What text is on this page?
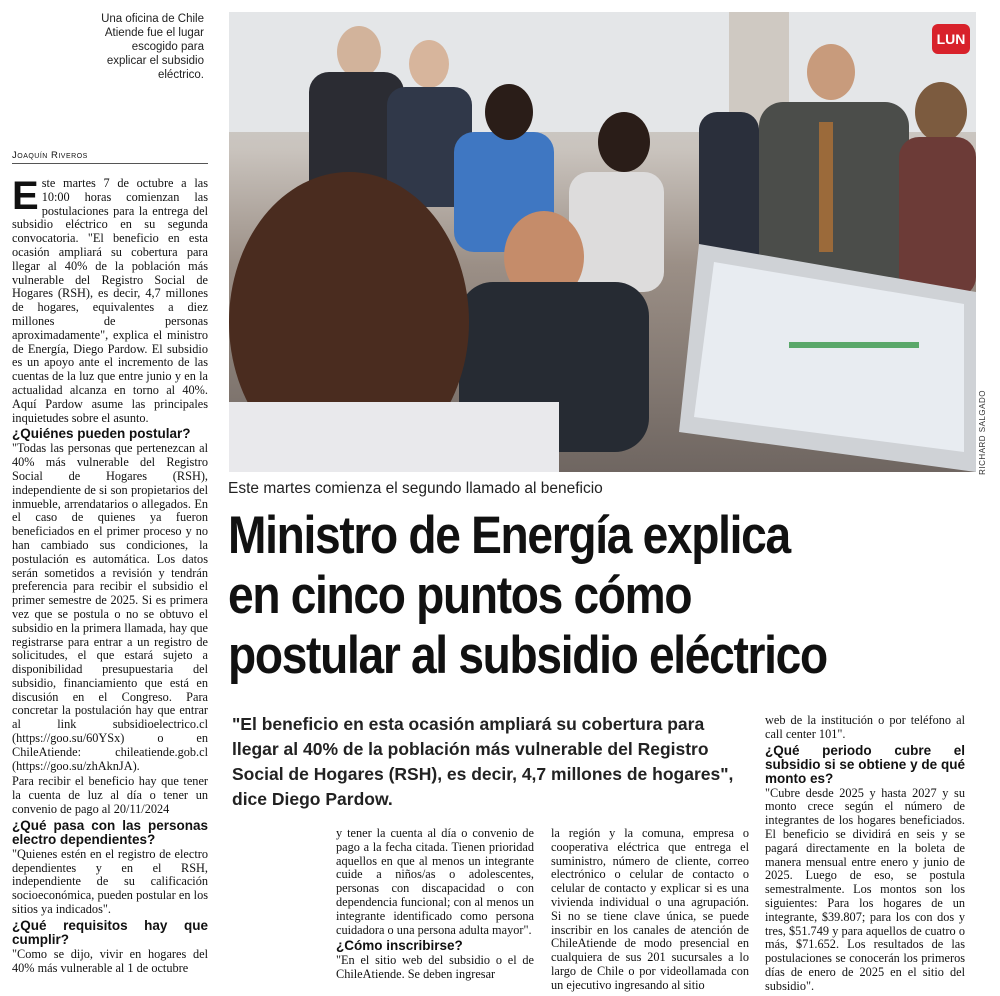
Una oficina de Chile Atiende fue el lugar escogido para explicar el subsidio eléctrico.
Joaquín Riveros

Este martes 7 de octubre a las 10:00 horas comienzan las postulaciones para la entrega del subsidio eléctrico en su segunda convocatoria. "El beneficio en esta ocasión ampliará su cobertura para llegar al 40% de la población más vulnerable del Registro Social de Hogares (RSH), es decir, 4,7 millones de hogares, equivalentes a diez millones de personas aproximadamente", explica el ministro de Energía, Diego Pardow. El subsidio es un apoyo ante el incremento de las cuentas de la luz que entre junio y en la actualidad alcanza en torno al 40%. Aquí Pardow asume las principales inquietudes sobre el asunto.

¿Quiénes pueden postular?

"Todas las personas que pertenezcan al 40% más vulnerable del Registro Social de Hogares (RSH), independiente de si son propietarios del inmueble, arrendatarios o allegados. En el caso de quienes ya fueron beneficiados en el primer proceso y no han cambiado sus condiciones, la postulación es automática. Los datos serán sometidos a revisión y tendrán preferencia para recibir el subsidio el primer semestre de 2025. Si es primera vez que se postula o no se obtuvo el subsidio en la primera llamada, hay que registrarse para entrar a un registro de solicitudes, el que estará sujeto a disponibilidad presupuestaria del subsidio, financiamiento que está en discusión en el Congreso. Para concretar la postulación hay que entrar al link subsidioelectrico.cl (https://goo.su/60YSx) o en ChileAtiende: chileatiende.gob.cl (https://goo.su/zhAknJA).

Para recibir el beneficio hay que tener la cuenta de luz al día o tener un convenio de pago al 20/11/2024

¿Qué pasa con las personas electro dependientes?

"Quienes estén en el registro de electro dependientes y en el RSH, independiente de su calificación socioeconómica, pueden postular en los sitios ya indicados".

¿Qué requisitos hay que cumplir?

"Como se dijo, vivir en hogares del 40% más vulnerable al 1 de octubre

LUN
RICHARD SALGADO
Este martes comienza el segundo llamado al beneficio
Ministro de Energía explica
en cinco puntos cómo
postular al subsidio eléctrico
"El beneficio en esta ocasión ampliará su cobertura para llegar al 40% de la población más vulnerable del Registro Social de Hogares (RSH), es decir, 4,7 millones de hogares", dice Diego Pardow.

y tener la cuenta al día o convenio de pago a la fecha citada. Tienen prioridad aquellos en que al menos un integrante cuide a niños/as o adolescentes, personas con discapacidad o con dependencia funcional; con al menos un integrante identificado como persona cuidadora o una persona adulta mayor".

¿Cómo inscribirse?

"En el sitio web del subsidio o el de ChileAtiende. Se deben ingresar

la región y la comuna, empresa o cooperativa eléctrica que entrega el suministro, número de cliente, correo electrónico o celular de contacto o celular de contacto y explicar si es una vivienda individual o una agrupación. Si no se tiene clave única, se puede inscribir en los canales de atención de ChileAtiende de modo presencial en cualquiera de sus 201 sucursales a lo largo de Chile o por videollamada con un ejecutivo ingresando al sitio

web de la institución o por teléfono al call center 101".

¿Qué periodo cubre el subsidio si se obtiene y de qué monto es?

"Cubre desde 2025 y hasta 2027 y su monto crece según el número de integrantes de los hogares beneficiados. El beneficio se dividirá en seis y se pagará directamente en la boleta de manera mensual entre enero y junio de 2025. Luego de eso, se postula semestralmente. Los montos son los siguientes: Para los hogares de un integrante, $39.807; para los con dos y tres, $51.749 y para aquellos de cuatro o más, $71.652. Los resultados de las postulaciones se conocerán los primeros días de enero de 2025 en el sitio del subsidio".
